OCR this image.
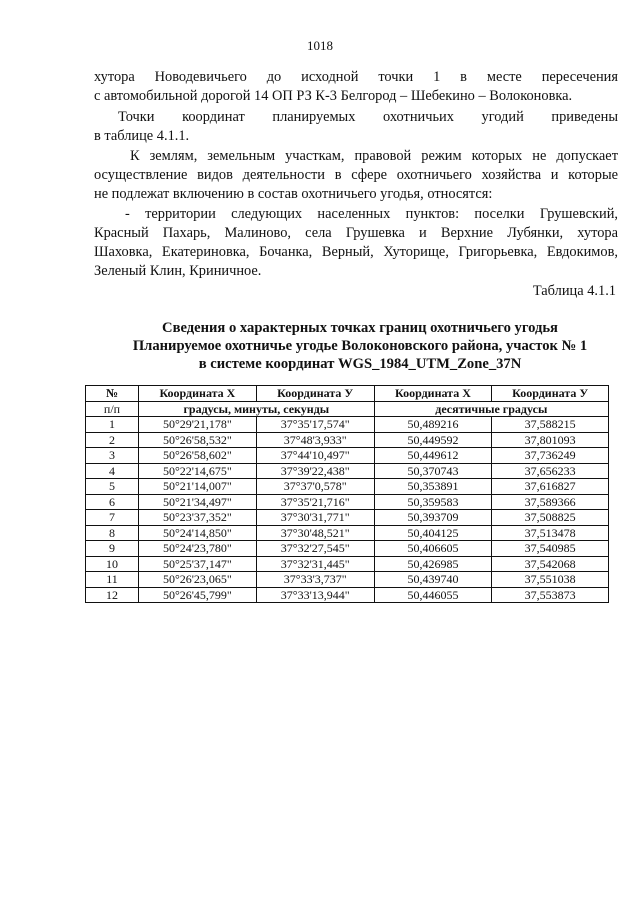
1018
хутора Новодевичьего до исходной точки 1 в месте пересечения
с автомобильной дорогой 14 ОП РЗ К-3 Белгород – Шебекино – Волоконовка.
Точки координат планируемых охотничьих угодий приведены
в таблице 4.1.1.
К землям, земельным участкам, правовой режим которых не допускает
осуществление видов деятельности в сфере охотничьего хозяйства и которые
не подлежат включению в состав охотничьего угодья, относятся:
- территории следующих населенных пунктов: поселки Грушевский,
Красный Пахарь, Малиново, села Грушевка и Верхние Лубянки, хутора
Шаховка, Екатериновка, Бочанка, Верный, Хуторище, Григорьевка, Евдокимов,
Зеленый Клин, Криничное.
Таблица 4.1.1
Сведения о характерных точках границ охотничьего угодья
Планируемое охотничье угодье Волоконовского района, участок № 1
в системе координат WGS_1984_UTM_Zone_37N
№	Координата X	Координата У	Координата X	Координата У
п/п	градусы, минуты, секунды		десятичные градусы	
1	50°29'21,178"	37°35'17,574"	50,489216	37,588215
2	50°26'58,532"	37°48'3,933"	50,449592	37,801093
3	50°26'58,602"	37°44'10,497"	50,449612	37,736249
4	50°22'14,675"	37°39'22,438"	50,370743	37,656233
5	50°21'14,007"	37°37'0,578"	50,353891	37,616827
6	50°21'34,497"	37°35'21,716"	50,359583	37,589366
7	50°23'37,352"	37°30'31,771"	50,393709	37,508825
8	50°24'14,850"	37°30'48,521"	50,404125	37,513478
9	50°24'23,780"	37°32'27,545"	50,406605	37,540985
10	50°25'37,147"	37°32'31,445"	50,426985	37,542068
11	50°26'23,065"	37°33'3,737"	50,439740	37,551038
12	50°26'45,799"	37°33'13,944"	50,446055	37,553873
